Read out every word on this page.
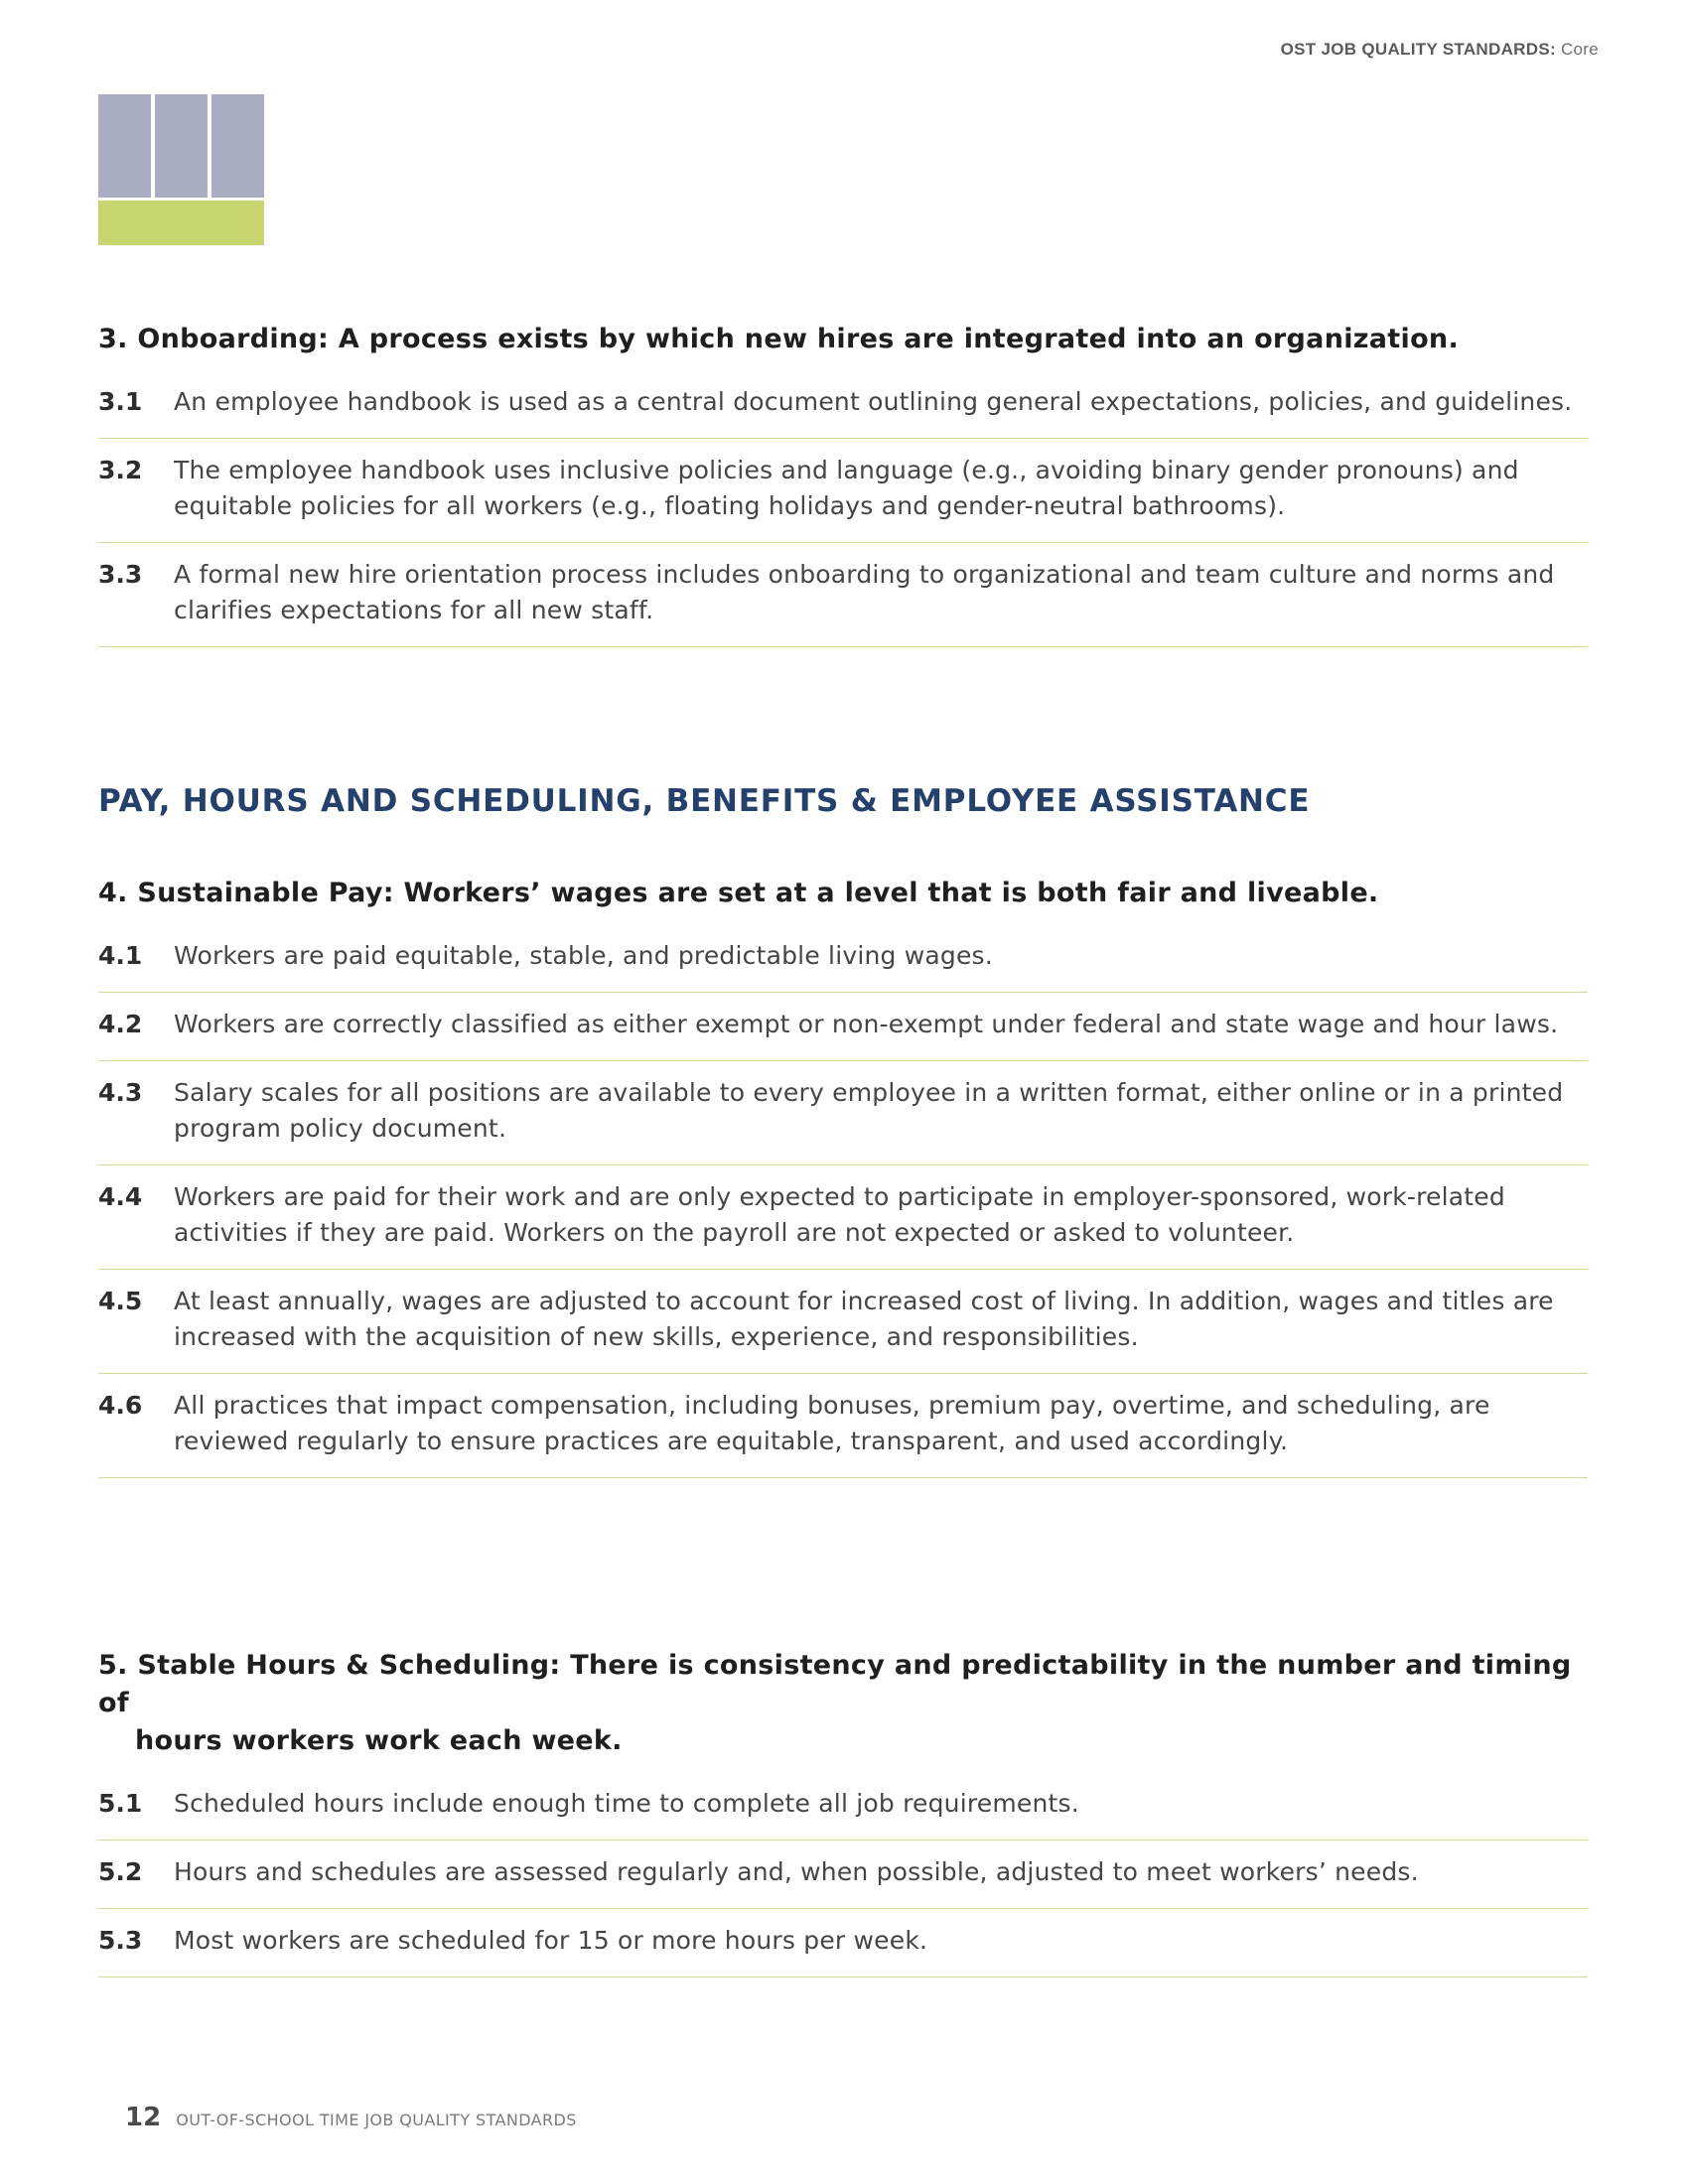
OST JOB QUALITY STANDARDS: Core
3. Onboarding: A process exists by which new hires are integrated into an organization.
3.1 An employee handbook is used as a central document outlining general expectations, policies, and guidelines.
3.2 The employee handbook uses inclusive policies and language (e.g., avoiding binary gender pronouns) and equitable policies for all workers (e.g., floating holidays and gender-neutral bathrooms).
3.3 A formal new hire orientation process includes onboarding to organizational and team culture and norms and clarifies expectations for all new staff.
PAY, HOURS AND SCHEDULING, BENEFITS & EMPLOYEE ASSISTANCE
4. Sustainable Pay: Workers’ wages are set at a level that is both fair and liveable.
4.1 Workers are paid equitable, stable, and predictable living wages.
4.2 Workers are correctly classified as either exempt or non-exempt under federal and state wage and hour laws.
4.3 Salary scales for all positions are available to every employee in a written format, either online or in a printed program policy document.
4.4 Workers are paid for their work and are only expected to participate in employer-sponsored, work-related activities if they are paid. Workers on the payroll are not expected or asked to volunteer.
4.5 At least annually, wages are adjusted to account for increased cost of living. In addition, wages and titles are increased with the acquisition of new skills, experience, and responsibilities.
4.6 All practices that impact compensation, including bonuses, premium pay, overtime, and scheduling, are reviewed regularly to ensure practices are equitable, transparent, and used accordingly.
5. Stable Hours & Scheduling: There is consistency and predictability in the number and timing of
hours workers work each week.
5.1 Scheduled hours include enough time to complete all job requirements.
5.2 Hours and schedules are assessed regularly and, when possible, adjusted to meet workers’ needs.
5.3 Most workers are scheduled for 15 or more hours per week.
12 OUT-OF-SCHOOL TIME JOB QUALITY STANDARDS
